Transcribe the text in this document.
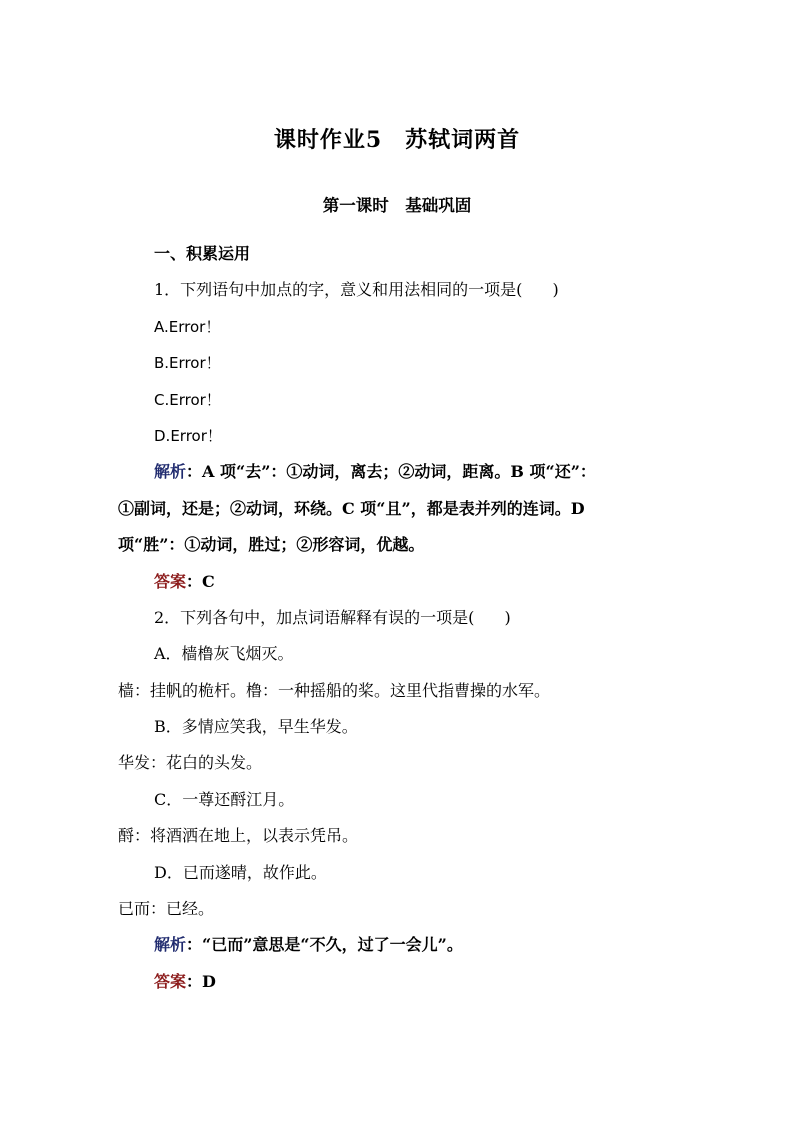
课时作业5　苏轼词两首
第一课时　基础巩固
一、积累运用
1．下列语句中加点的字，意义和用法相同的一项是( )
A.Error！
B.Error！
C.Error！
D.Error！
解析：A 项“去”：①动词，离去；②动词，距离。B 项“还”：
①副词，还是；②动词，环绕。C 项“且”，都是表并列的连词。D
项“胜”：①动词，胜过；②形容词，优越。
答案：C
2．下列各句中，加点词语解释有误的一项是( )
A．樯橹灰飞烟灭。
樯：挂帆的桅杆。橹：一种摇船的桨。这里代指曹操的水军。
B．多情应笑我，早生华发。
华发：花白的头发。
C．一尊还酹江月。
酹：将酒洒在地上，以表示凭吊。
D．已而遂晴，故作此。
已而：已经。
解析：“已而”意思是“不久，过了一会儿”。
答案：D
